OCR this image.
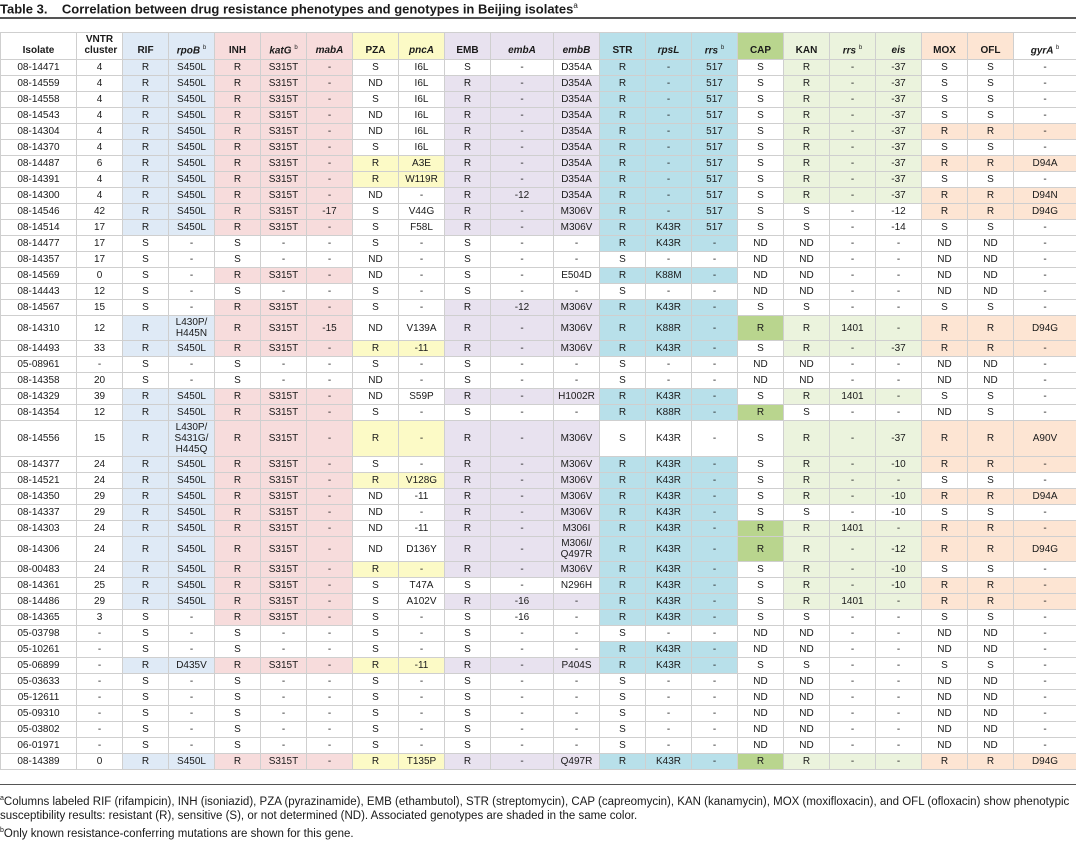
Table 3. Correlation between drug resistance phenotypes and genotypes in Beijing isolates$^a$
Isolate	VNTR cluster	RIF	rpoB $^b$	INH	katG $^b$	mabA	PZA	pncA	EMB	embA	embB	STR	rpsL	rrs $^b$	CAP	KAN	rrs $^b$	eis	MOX	OFL	gyrA $^b$
08-14471	4	R	S450L	R	S315T	-	S	I6L	S	-	D354A	R	-	517	S	R	-	-37	S	S	-
08-14559	4	R	S450L	R	S315T	-	ND	I6L	R	-	D354A	R	-	517	S	R	-	-37	S	S	-
08-14558	4	R	S450L	R	S315T	-	S	I6L	R	-	D354A	R	-	517	S	R	-	-37	S	S	-
08-14543	4	R	S450L	R	S315T	-	ND	I6L	R	-	D354A	R	-	517	S	R	-	-37	S	S	-
08-14304	4	R	S450L	R	S315T	-	ND	I6L	R	-	D354A	R	-	517	S	R	-	-37	R	R	-
08-14370	4	R	S450L	R	S315T	-	S	I6L	R	-	D354A	R	-	517	S	R	-	-37	S	S	-
08-14487	6	R	S450L	R	S315T	-	R	A3E	R	-	D354A	R	-	517	S	R	-	-37	R	R	D94A
08-14391	4	R	S450L	R	S315T	-	R	W119R	R	-	D354A	R	-	517	S	R	-	-37	S	S	-
08-14300	4	R	S450L	R	S315T	-	ND	-	R	-12	D354A	R	-	517	S	R	-	-37	R	R	D94N
08-14546	42	R	S450L	R	S315T	-17	S	V44G	R	-	M306V	R	-	517	S	S	-	-12	R	R	D94G
08-14514	17	R	S450L	R	S315T	-	S	F58L	R	-	M306V	R	K43R	517	S	S	-	-14	S	S	-
08-14477	17	S	-	S	-	-	S	-	S	-	-	R	K43R	-	ND	ND	-	-	ND	ND	-
08-14357	17	S	-	S	-	-	ND	-	S	-	-	S	-	-	ND	ND	-	-	ND	ND	-
08-14569	0	S	-	R	S315T	-	ND	-	S	-	E504D	R	K88M	-	ND	ND	-	-	ND	ND	-
08-14443	12	S	-	S	-	-	S	-	S	-	-	S	-	-	ND	ND	-	-	ND	ND	-
08-14567	15	S	-	R	S315T	-	S	-	R	-12	M306V	R	K43R	-	S	S	-	-	S	S	-
08-14310	12	R	L430P/H445N	R	S315T	-15	ND	V139A	R	-	M306V	R	K88R	-	R	R	1401	-	R	R	D94G
08-14493	33	R	S450L	R	S315T	-	R	-11	R	-	M306V	R	K43R	-	S	R	-	-37	R	R	-
05-08961	-	S	-	S	-	-	S	-	S	-	-	S	-	-	ND	ND	-	-	ND	ND	-
08-14358	20	S	-	S	-	-	ND	-	S	-	-	S	-	-	ND	ND	-	-	ND	ND	-
08-14329	39	R	S450L	R	S315T	-	ND	S59P	R	-	H1002R	R	K43R	-	S	R	1401	-	S	S	-
08-14354	12	R	S450L	R	S315T	-	S	-	S	-	-	R	K88R	-	R	S	-	-	ND	S	-
08-14556	15	R	L430P/S431G/H445Q	R	S315T	-	R	-	R	-	M306V	S	K43R	-	S	R	-	-37	R	R	A90V
08-14377	24	R	S450L	R	S315T	-	S	-	R	-	M306V	R	K43R	-	S	R	-	-10	R	R	-
08-14521	24	R	S450L	R	S315T	-	R	V128G	R	-	M306V	R	K43R	-	S	R	-	-	S	S	-
08-14350	29	R	S450L	R	S315T	-	ND	-11	R	-	M306V	R	K43R	-	S	R	-	-10	R	R	D94A
08-14337	29	R	S450L	R	S315T	-	ND	-	R	-	M306V	R	K43R	-	S	S	-	-10	S	S	-
08-14303	24	R	S450L	R	S315T	-	ND	-11	R	-	M306I	R	K43R	-	R	R	1401	-	R	R	-
08-14306	24	R	S450L	R	S315T	-	ND	D136Y	R	-	M306I/Q497R	R	K43R	-	R	R	-	-12	R	R	D94G
08-00483	24	R	S450L	R	S315T	-	R	-	R	-	M306V	R	K43R	-	S	R	-	-10	S	S	-
08-14361	25	R	S450L	R	S315T	-	S	T47A	S	-	N296H	R	K43R	-	S	R	-	-10	R	R	-
08-14486	29	R	S450L	R	S315T	-	S	A102V	R	-16	-	R	K43R	-	S	R	1401	-	R	R	-
08-14365	3	S	-	R	S315T	-	S	-	S	-16	-	R	K43R	-	S	S	-	-	S	S	-
05-03798	-	S	-	S	-	-	S	-	S	-	-	S	-	-	ND	ND	-	-	ND	ND	-
05-10261	-	S	-	S	-	-	S	-	S	-	-	R	K43R	-	ND	ND	-	-	ND	ND	-
05-06899	-	R	D435V	R	S315T	-	R	-11	R	-	P404S	R	K43R	-	S	S	-	-	S	S	-
05-03633	-	S	-	S	-	-	S	-	S	-	-	S	-	-	ND	ND	-	-	ND	ND	-
05-12611	-	S	-	S	-	-	S	-	S	-	-	S	-	-	ND	ND	-	-	ND	ND	-
05-09310	-	S	-	S	-	-	S	-	S	-	-	S	-	-	ND	ND	-	-	ND	ND	-
05-03802	-	S	-	S	-	-	S	-	S	-	-	S	-	-	ND	ND	-	-	ND	ND	-
06-01971	-	S	-	S	-	-	S	-	S	-	-	S	-	-	ND	ND	-	-	ND	ND	-
08-14389	0	R	S450L	R	S315T	-	R	T135P	R	-	Q497R	R	K43R	-	R	R	-	-	R	R	D94G
$^a$Columns labeled RIF (rifampicin), INH (isoniazid), PZA (pyrazinamide), EMB (ethambutol), STR (streptomycin), CAP (capreomycin), KAN (kanamycin), MOX (moxifloxacin), and OFL (ofloxacin) show phenotypic susceptibility results: resistant (R), sensitive (S), or not determined (ND). Associated genotypes are shaded in the same color.
$^b$Only known resistance-conferring mutations are shown for this gene.
